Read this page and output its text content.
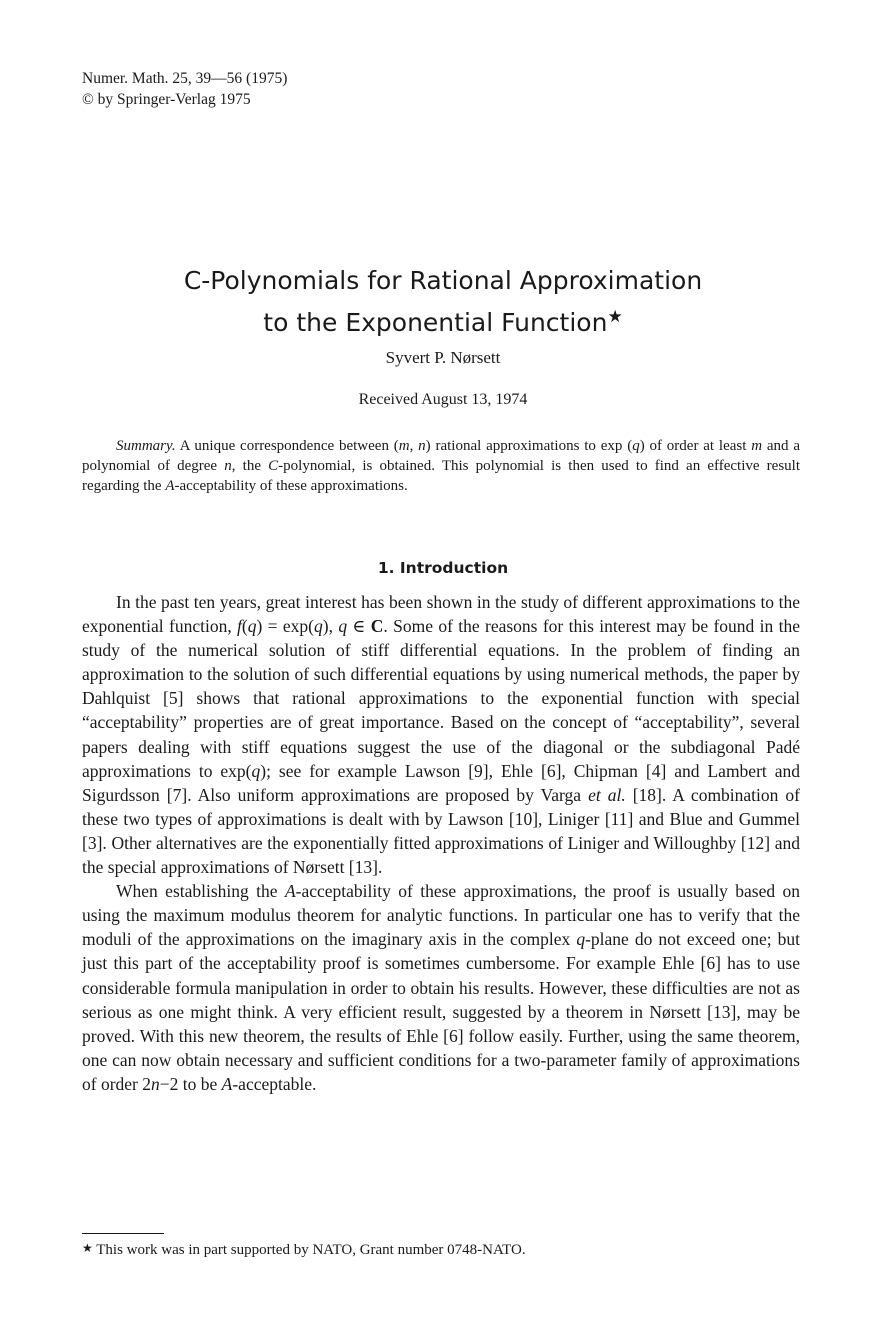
Numer. Math. 25, 39—56 (1975)
© by Springer-Verlag 1975
C-Polynomials for Rational Approximation
to the Exponential Function★
Syvert P. Nørsett
Received August 13, 1974

Summary. A unique correspondence between (m, n) rational approximations to exp (q) of order at least m and a polynomial of degree n, the C-polynomial, is obtained. This polynomial is then used to find an effective result regarding the A-acceptability of these approximations.

1. Introduction

In the past ten years, great interest has been shown in the study of different approximations to the exponential function, f(q) = exp(q), q ∈ C. Some of the reasons for this interest may be found in the study of the numerical solution of stiff differential equations. In the problem of finding an approximation to the solution of such differential equations by using numerical methods, the paper by Dahlquist [5] shows that rational approximations to the exponential function with special “acceptability” properties are of great importance. Based on the concept of “acceptability”, several papers dealing with stiff equations suggest the use of the diagonal or the subdiagonal Padé approximations to exp(q); see for example Lawson [9], Ehle [6], Chipman [4] and Lambert and Sigurdsson [7]. Also uniform approximations are proposed by Varga et al. [18]. A combination of these two types of approximations is dealt with by Lawson [10], Liniger [11] and Blue and Gummel [3]. Other alternatives are the exponentially fitted approximations of Liniger and Willoughby [12] and the special approximations of Nørsett [13].

When establishing the A-acceptability of these approximations, the proof is usually based on using the maximum modulus theorem for analytic functions. In particular one has to verify that the moduli of the approximations on the imaginary axis in the complex q-plane do not exceed one; but just this part of the acceptability proof is sometimes cumbersome. For example Ehle [6] has to use considerable formula manipulation in order to obtain his results. However, these difficulties are not as serious as one might think. A very efficient result, suggested by a theorem in Nørsett [13], may be proved. With this new theorem, the results of Ehle [6] follow easily. Further, using the same theorem, one can now obtain necessary and sufficient conditions for a two-parameter family of approximations of order 2n−2 to be A-acceptable.

★ This work was in part supported by NATO, Grant number 0748-NATO.
